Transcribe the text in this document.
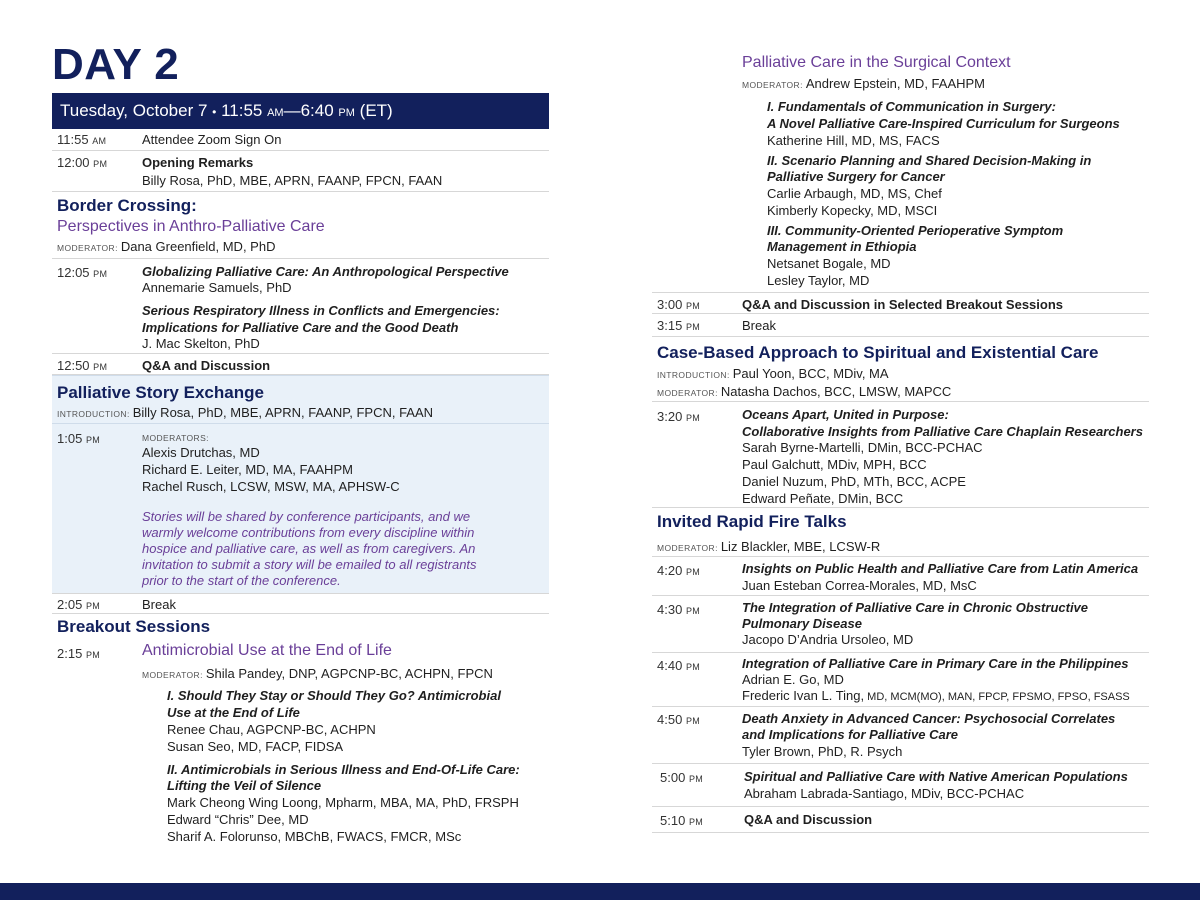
DAY 2
Tuesday, October 7 • 11:55 AM—6:40 PM (ET)
11:55 AM	Attendee Zoom Sign On
12:00 PM	Opening Remarks
Billy Rosa, PhD, MBE, APRN, FAANP, FPCN, FAAN
Border Crossing:
Perspectives in Anthro-Palliative Care
MODERATOR: Dana Greenfield, MD, PhD
12:05 PM	Globalizing Palliative Care: An Anthropological Perspective
Annemarie Samuels, PhD
Serious Respiratory Illness in Conflicts and Emergencies:
Implications for Palliative Care and the Good Death
J. Mac Skelton, PhD
12:50 PM	Q&A and Discussion
Palliative Story Exchange
INTRODUCTION: Billy Rosa, PhD, MBE, APRN, FAANP, FPCN, FAAN
1:05 PM	MODERATORS:
Alexis Drutchas, MD
Richard E. Leiter, MD, MA, FAAHPM
Rachel Rusch, LCSW, MSW, MA, APHSW-C
Stories will be shared by conference participants, and we
warmly welcome contributions from every discipline within
hospice and palliative care, as well as from caregivers. An
invitation to submit a story will be emailed to all registrants
prior to the start of the conference.
2:05 PM	Break
Breakout Sessions
2:15 PM	Antimicrobial Use at the End of Life
MODERATOR: Shila Pandey, DNP, AGPCNP-BC, ACHPN, FPCN
I. Should They Stay or Should They Go? Antimicrobial
Use at the End of Life
Renee Chau, AGPCNP-BC, ACHPN
Susan Seo, MD, FACP, FIDSA
II. Antimicrobials in Serious Illness and End-Of-Life Care:
Lifting the Veil of Silence
Mark Cheong Wing Loong, Mpharm, MBA, MA, PhD, FRSPH
Edward “Chris” Dee, MD
Sharif A. Folorunso, MBChB, FWACS, FMCR, MSc
Palliative Care in the Surgical Context
MODERATOR: Andrew Epstein, MD, FAAHPM
I. Fundamentals of Communication in Surgery:
A Novel Palliative Care-Inspired Curriculum for Surgeons
Katherine Hill, MD, MS, FACS
II. Scenario Planning and Shared Decision-Making in
Palliative Surgery for Cancer
Carlie Arbaugh, MD, MS, Chef
Kimberly Kopecky, MD, MSCI
III. Community-Oriented Perioperative Symptom
Management in Ethiopia
Netsanet Bogale, MD
Lesley Taylor, MD
3:00 PM	Q&A and Discussion in Selected Breakout Sessions
3:15 PM	Break
Case-Based Approach to Spiritual and Existential Care
INTRODUCTION: Paul Yoon, BCC, MDiv, MA
MODERATOR: Natasha Dachos, BCC, LMSW, MAPCC
3:20 PM	Oceans Apart, United in Purpose:
Collaborative Insights from Palliative Care Chaplain Researchers
Sarah Byrne-Martelli, DMin, BCC-PCHAC
Paul Galchutt, MDiv, MPH, BCC
Daniel Nuzum, PhD, MTh, BCC, ACPE
Edward Peñate, DMin, BCC
Invited Rapid Fire Talks
MODERATOR: Liz Blackler, MBE, LCSW-R
4:20 PM	Insights on Public Health and Palliative Care from Latin America
Juan Esteban Correa-Morales, MD, MsC
4:30 PM	The Integration of Palliative Care in Chronic Obstructive
Pulmonary Disease
Jacopo D’Andria Ursoleo, MD
4:40 PM	Integration of Palliative Care in Primary Care in the Philippines
Adrian E. Go, MD
Frederic Ivan L. Ting, MD, MCM(MO), MAN, FPCP, FPSMO, FPSO, FSASS
4:50 PM	Death Anxiety in Advanced Cancer: Psychosocial Correlates
and Implications for Palliative Care
Tyler Brown, PhD, R. Psych
5:00 PM	Spiritual and Palliative Care with Native American Populations
Abraham Labrada-Santiago, MDiv, BCC-PCHAC
5:10 PM	Q&A and Discussion
